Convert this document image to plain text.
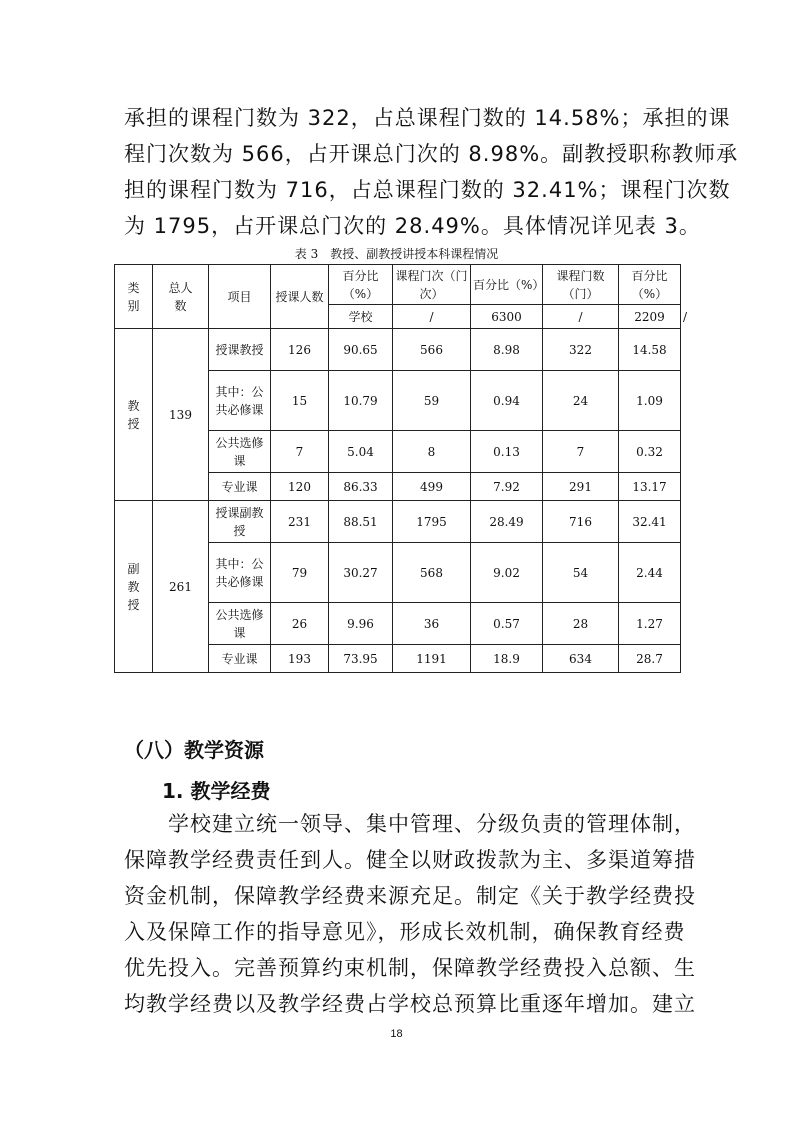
承担的课程门数为 322，占总课程门数的 14.58%；承担的课
程门次数为 566，占开课总门次的 8.98%。副教授职称教师承
担的课程门数为 716，占总课程门数的 32.41%；课程门次数
为 1795，占开课总门次的 28.49%。具体情况详见表 3。

表 3　教授、副教授讲授本科课程情况
类别	总人数	项目	授课人数	百分比（%）	课程门次（门次）	百分比（%）	课程门数（门）	百分比（%）	
				学校	/	6300	/	2209	/
教授	139	授课教授	126	90.65	566	8.98	322	14.58	
		其中：公共必修课	15	10.79	59	0.94	24	1.09	
		公共选修课	7	5.04	8	0.13	7	0.32	
		专业课	120	86.33	499	7.92	291	13.17	
副教授	261	授课副教授	231	88.51	1795	28.49	716	32.41	
		其中：公共必修课	79	30.27	568	9.02	54	2.44	
		公共选修课	26	9.96	36	0.57	28	1.27	
		专业课	193	73.95	1191	18.9	634	28.7	
（八）教学资源
1. 教学经费

　　学校建立统一领导、集中管理、分级负责的管理体制，
保障教学经费责任到人。健全以财政拨款为主、多渠道筹措
资金机制，保障教学经费来源充足。制定《关于教学经费投
入及保障工作的指导意见》，形成长效机制，确保教育经费
优先投入。完善预算约束机制，保障教学经费投入总额、生
均教学经费以及教学经费占学校总预算比重逐年增加。建立

18
